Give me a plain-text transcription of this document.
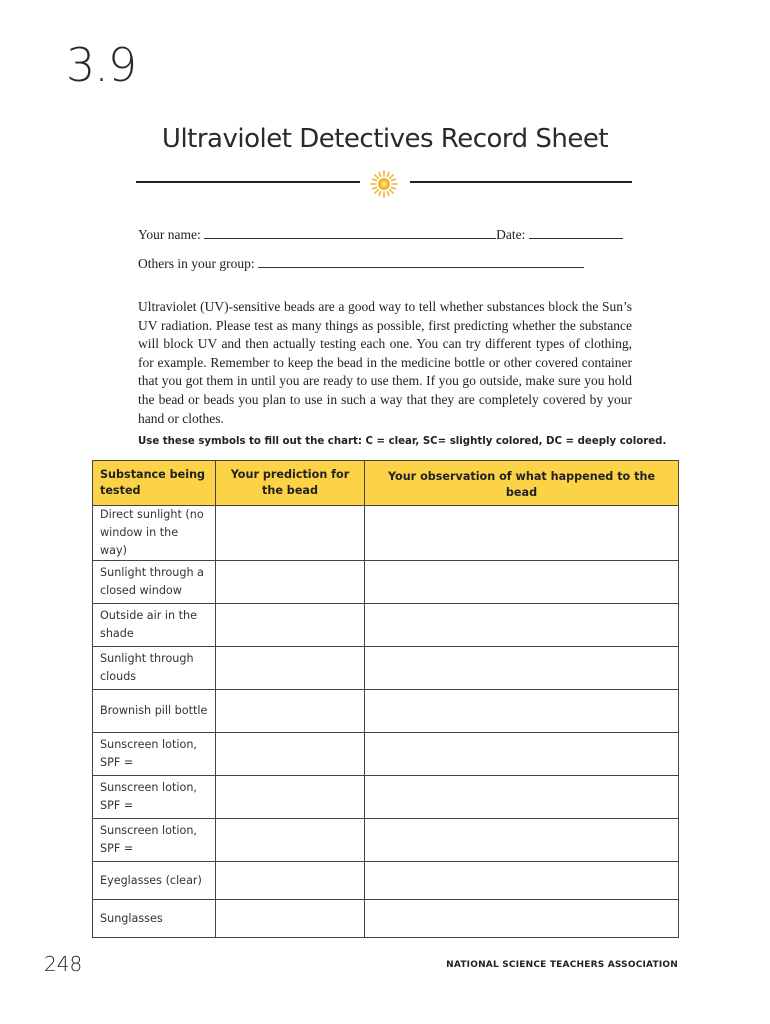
3.9
Ultraviolet Detectives Record Sheet
Your name:	Date:
Others in your group:

Ultraviolet (UV)-sensitive beads are a good way to tell whether substances block the Sun’s UV radiation. Please test as many things as possible, first predicting whether the substance will block UV and then actually testing each one. You can try different types of clothing, for example. Remember to keep the bead in the medicine bottle or other covered container that you got them in until you are ready to use them. If you go outside, make sure you hold the bead or beads you plan to use in such a way that they are completely covered by your hand or clothes.

Use these symbols to fill out the chart: C = clear, SC= slightly colored, DC = deeply colored.
Substance being tested	Your prediction for the bead	Your observation of what happened to the bead
Direct sunlight (no window in the way)		
Sunlight through a closed window		
Outside air in the shade		
Sunlight through clouds		
Brownish pill bottle		
Sunscreen lotion, SPF =		
Sunscreen lotion, SPF =		
Sunscreen lotion, SPF =		
Eyeglasses (clear)		
Sunglasses		
248	NATIONAL SCIENCE TEACHERS ASSOCIATION
